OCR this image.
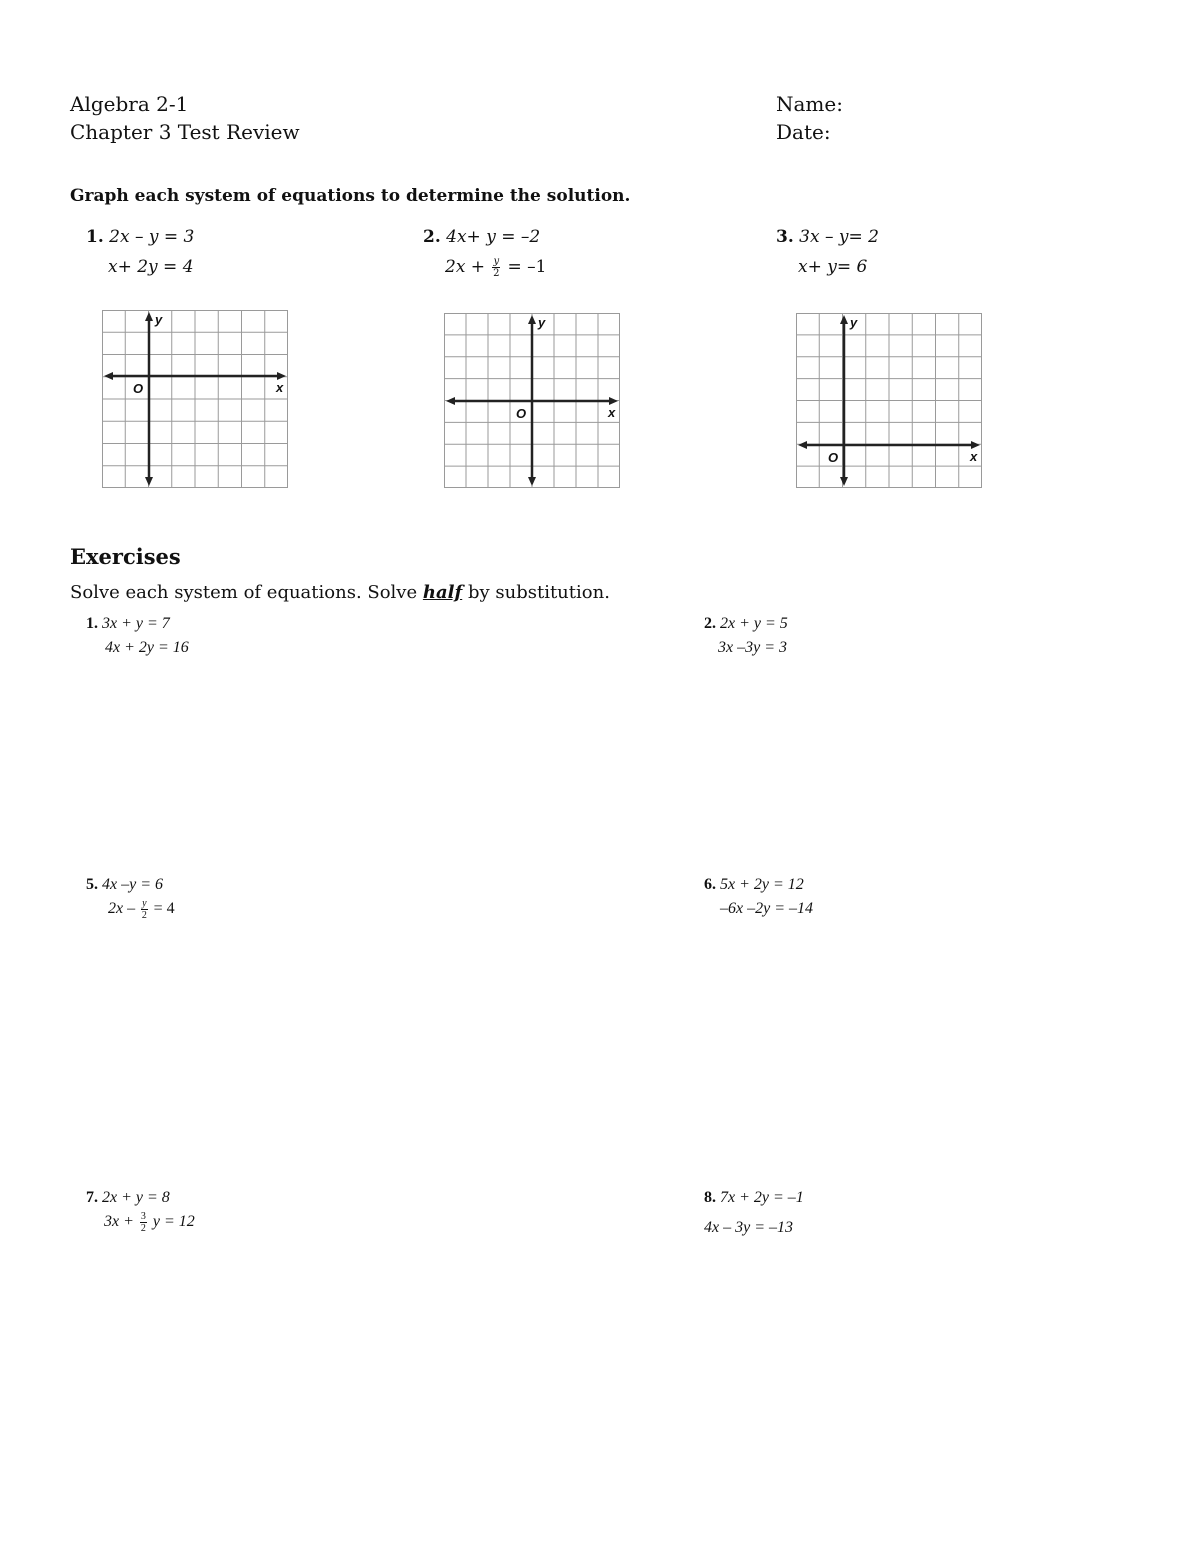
Algebra 2-1
Chapter 3 Test Review
Name:
Date:
Graph each system of equations to determine the solution.
1. 2x – y = 3
x+ 2y = 4
2. 4x+ y = –2
$2x + \frac{y}{2} = -1$
3. 3x – y= 2
x+ y= 6
x
y
O
x
y
O
x
y
O
Exercises
Solve each system of equations. Solve half by substitution.
1. 3x + y = 7
4x + 2y = 16
2. 2x + y = 5
3x –3y = 3
5. 4x –y = 6
$2x - \frac{y}{2} = 4$
6. 5x + 2y = 12
–6x –2y = –14
7. 2x + y = 8
$3x + \frac{3}{2}$ y = 12
8. 7x + 2y = –1
4x – 3y = –13
